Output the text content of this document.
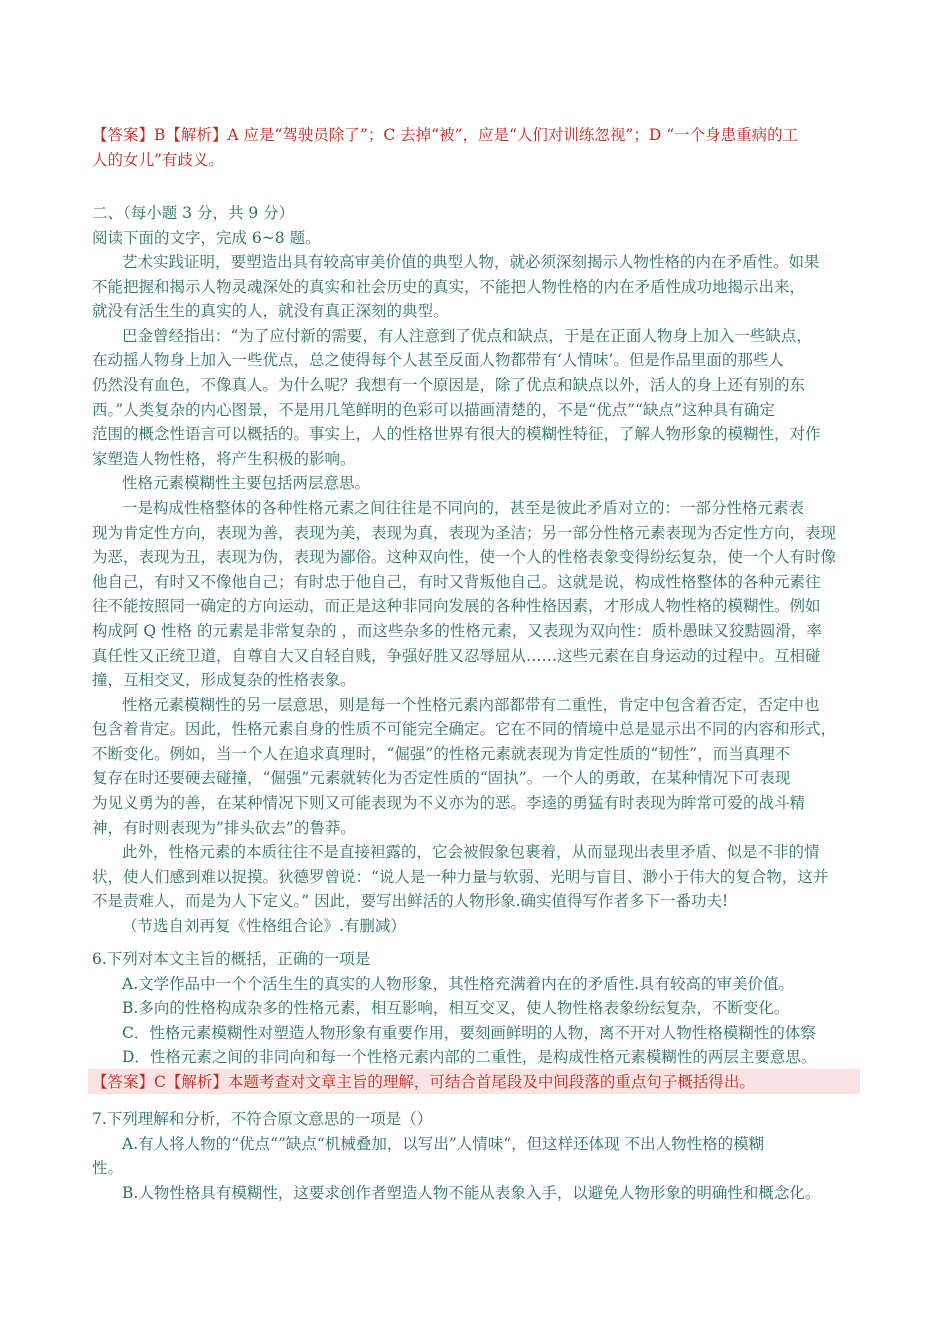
【答案】B【解析】A 应是“驾驶员除了”；C 去掉“被”，应是“人们对训练忽视”；D “一个身患重病的工
人的女儿”有歧义。
二、（每小题 3 分，共 9 分）
阅读下面的文字，完成 6~8 题。
艺术实践证明，要塑造出具有较高审美价值的典型人物，就必须深刻揭示人物性格的内在矛盾性。如果
不能把握和揭示人物灵魂深处的真实和社会历史的真实，不能把人物性格的内在矛盾性成功地揭示出来，
就没有活生生的真实的人，就没有真正深刻的典型。
巴金曾经指出：“为了应付新的需要，有人注意到了优点和缺点，于是在正面人物身上加入一些缺点，
在动摇人物身上加入一些优点，总之使得每个人甚至反面人物都带有‘人情味’。但是作品里面的那些人
仍然没有血色，不像真人。为什么呢？我想有一个原因是，除了优点和缺点以外，活人的身上还有别的东
西。”人类复杂的内心图景，不是用几笔鲜明的色彩可以描画清楚的，不是“优点”“缺点”这种具有确定
范围的概念性语言可以概括的。事实上，人的性格世界有很大的模糊性特征，了解人物形象的模糊性，对作
家塑造人物性格，将产生积极的影响。
性格元素模糊性主要包括两层意思。
一是构成性格整体的各种性格元素之间往往是不同向的，甚至是彼此矛盾对立的：一部分性格元素表
现为肯定性方向，表现为善，表现为美，表现为真，表现为圣洁；另一部分性格元素表现为否定性方向，表现
为恶，表现为丑，表现为伪，表现为鄙俗。这种双向性，使一个人的性格表象变得纷纭复杂，使一个人有时像
他自己，有时又不像他自己；有时忠于他自己，有时又背叛他自己。这就是说，构成性格整体的各种元素往
往不能按照同一确定的方向运动，而正是这种非同向发展的各种性格因素，才形成人物性格的模糊性。例如
构成阿 Q 性格 的元素是非常复杂的 ，而这些杂多的性格元素，又表现为双向性：质朴愚昧又狡黠圆滑，率
真任性又正统卫道，自尊自大又自轻自贱，争强好胜又忍辱屈从……这些元素在自身运动的过程中。互相碰
撞，互相交叉，形成复杂的性格表象。
性格元素模糊性的另一层意思，则是每一个性格元素内部都带有二重性，肯定中包含着否定，否定中也
包含着肯定。因此，性格元素自身的性质不可能完全确定。它在不同的情境中总是显示出不同的内容和形式，
不断变化。例如，当一个人在追求真理时，“倔强”的性格元素就表现为肯定性质的“韧性”，而当真理不
复存在时还要硬去碰撞，“倔强”元素就转化为否定性质的“固执”。一个人的勇敢，在某种情况下可表现
为见义勇为的善，在某种情况下则又可能表现为不义亦为的恶。李逵的勇猛有时表现为眸常可爱的战斗精
神，有时则表现为”排头砍去”的鲁莽。
此外，性格元素的本质往往不是直接袒露的，它会被假象包裹着，从而显现出表里矛盾、似是不非的情
状，使人们感到难以捉摸。狄德罗曾说：“说人是一种力量与软弱、光明与盲目、渺小于伟大的复合物，这并
不是责难人，而是为人下定义。” 因此，要写出鲜活的人物形象.确实值得写作者多下一番功夫!
（节选自刘再复《性格组合论》.有删减）
6.下列对本文主旨的概括，正确的一项是
A.文学作品中一个个活生生的真实的人物形象，其性格充满着内在的矛盾性.具有较高的审美价值。
B.多向的性格构成杂多的性格元素，相互影响，相互交叉，使人物性格表象纷纭复杂，不断变化。
C．性格元素模糊性对塑造人物形象有重要作用，要刻画鲜明的人物，离不开对人物性格模糊性的体察
D．性格元素之间的非同向和每一个性格元素内部的二重性，是构成性格元素模糊性的两层主要意思。
【答案】C【解析】本题考查对文章主旨的理解，可结合首尾段及中间段落的重点句子概括得出。
7.下列理解和分析，不符合原文意思的一项是（）
A.有人将人物的“优点“”缺点“机械叠加，以写出”人情味“，但这样还体现 不出人物性格的模糊
性。
B.人物性格具有模糊性，这要求创作者塑造人物不能从表象入手，以避免人物形象的明确性和概念化。
